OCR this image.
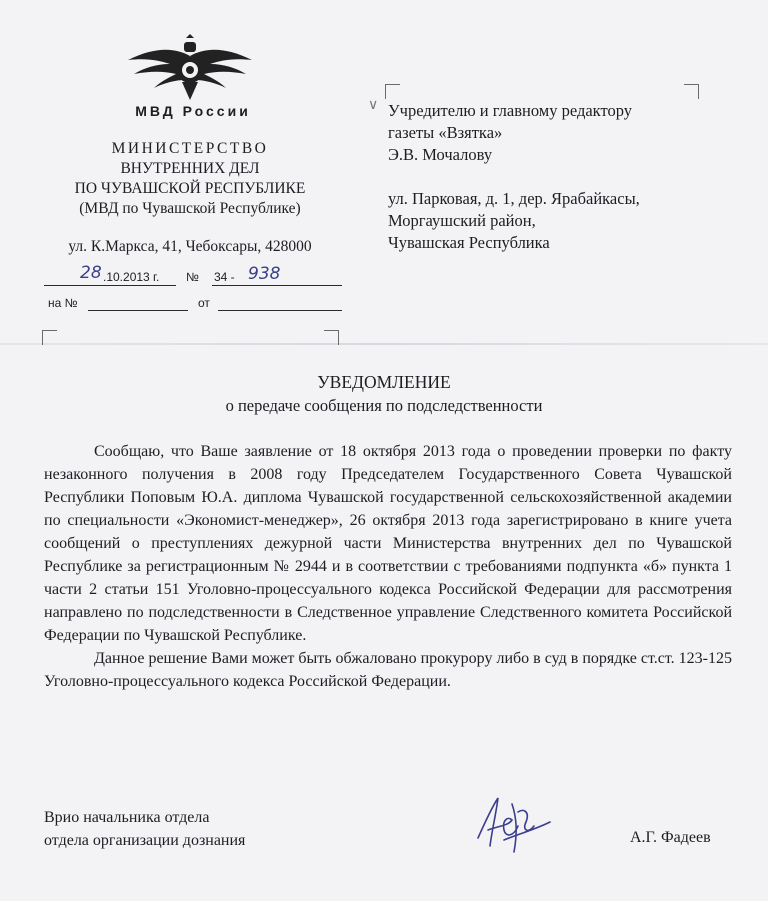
МВД России
МИНИСТЕРСТВО
ВНУТРЕННИХ ДЕЛ
ПО ЧУВАШСКОЙ РЕСПУБЛИКЕ
(МВД по Чувашской Республике)
ул. К.Маркса, 41, Чебоксары, 428000
28 .10.2013 г. № 34 - 938
на №	от
∨ Учредителю и главному редактору
газеты «Взятка»
Э.В. Мочалову
ул. Парковая, д. 1, дер. Ярабайкасы,
Моргаушский район,
Чувашская Республика
УВЕДОМЛЕНИЕ
о передаче сообщения по подследственности

Сообщаю, что Ваше заявление от 18 октября 2013 года о проведении проверки по факту незаконного получения в 2008 году Председателем Государственного Совета Чувашской Республики Поповым Ю.А. диплома Чувашской государственной сельскохозяйственной академии по специальности «Экономист-менеджер», 26 октября 2013 года зарегистрировано в книге учета сообщений о преступлениях дежурной части Министерства внутренних дел по Чувашской Республике за регистрационным № 2944 и в соответствии с требованиями подпункта «б» пункта 1 части 2 статьи 151 Уголовно-процессуального кодекса Российской Федерации для рассмотрения направлено по подследственности в Следственное управление Следственного комитета Российской Федерации по Чувашской Республике.

Данное решение Вами может быть обжаловано прокурору либо в суд в порядке ст.ст. 123-125 Уголовно-процессуального кодекса Российской Федерации.

Врио начальника отдела
отдела организации дознания	А.Г. Фадеев
